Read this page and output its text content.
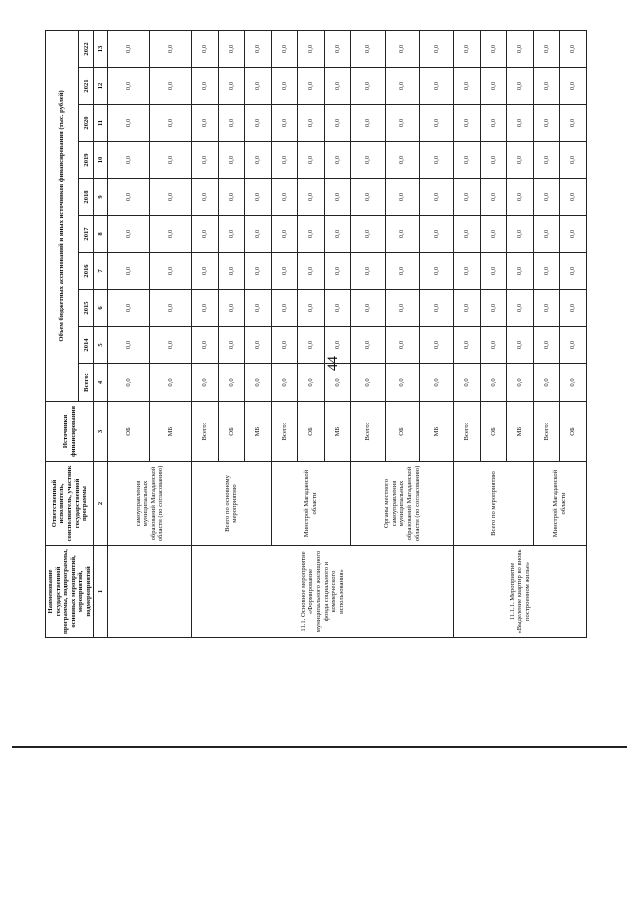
44
Наименование государственной программы, подпрограммы, основных мероприятий, мероприятий, подмероприятий	Ответственный исполнитель, соисполнитель, участник государственной программы	Источники финансирования	Объем бюджетных ассигнований и иных источников финансирования (тыс. рублей)									
			Всего:	2014	2015	2016	2017	2018	2019	2020	2021	2022
1	2	3	4	5	6	7	8	9	10	11	12	13
	самоуправления муниципальных образований Магаданской области (по согласованию)	ОБ	0,0	0,0	0,0	0,0	0,0	0,0	0,0	0,0	0,0	0,0
		МБ	0,0	0,0	0,0	0,0	0,0	0,0	0,0	0,0	0,0	0,0
11.1. Основное мероприятие «Формирование муниципального жилищного фонда социального и коммерческого использования»	Всего по основному мероприятию	Всего:	0,0	0,0	0,0	0,0	0,0	0,0	0,0	0,0	0,0	0,0
		ОБ	0,0	0,0	0,0	0,0	0,0	0,0	0,0	0,0	0,0	0,0
		МБ	0,0	0,0	0,0	0,0	0,0	0,0	0,0	0,0	0,0	0,0
	Минстрой Магаданской области	Всего:	0,0	0,0	0,0	0,0	0,0	0,0	0,0	0,0	0,0	0,0
		ОБ	0,0	0,0	0,0	0,0	0,0	0,0	0,0	0,0	0,0	0,0
		МБ	0,0	0,0	0,0	0,0	0,0	0,0	0,0	0,0	0,0	0,0
	Органы местного самоуправления муниципальных образований Магаданской области (по согласованию)	Всего:	0,0	0,0	0,0	0,0	0,0	0,0	0,0	0,0	0,0	0,0
		ОБ	0,0	0,0	0,0	0,0	0,0	0,0	0,0	0,0	0,0	0,0
		МБ	0,0	0,0	0,0	0,0	0,0	0,0	0,0	0,0	0,0	0,0
11.1.1. Мероприятие «Выделение квартир во вновь построенном жилье»	Всего по мероприятию	Всего:	0,0	0,0	0,0	0,0	0,0	0,0	0,0	0,0	0,0	0,0
		ОБ	0,0	0,0	0,0	0,0	0,0	0,0	0,0	0,0	0,0	0,0
		МБ	0,0	0,0	0,0	0,0	0,0	0,0	0,0	0,0	0,0	0,0
	Минстрой Магаданской области	Всего:	0,0	0,0	0,0	0,0	0,0	0,0	0,0	0,0	0,0	0,0
		ОБ	0,0	0,0	0,0	0,0	0,0	0,0	0,0	0,0	0,0	0,0
